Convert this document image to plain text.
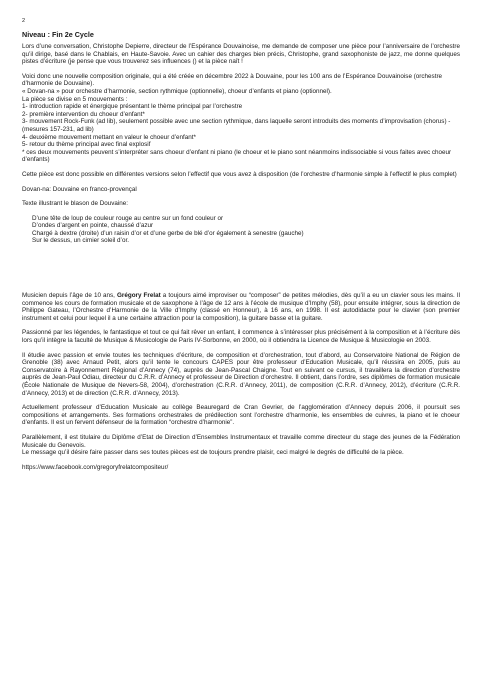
2
Niveau : Fin 2e Cycle

Lors d’une conversation, Christophe Depierre, directeur de l’Espérance Douvainoise, me demande de composer une pièce pour l’anniversaire de l’orchestre qu’il dirige, basé dans le Chablais, en Haute-Savoie. Avec un cahier des charges bien précis, Christophe, grand saxophoniste de jazz, me donne quelques pistes d’écriture (je pense que vous trouverez ses influences () et la pièce naît !

Voici donc une nouvelle composition originale, qui a été créée en décembre 2022 à Douvaine, pour les 100 ans de l’Espérance Douvainoise (orchestre d’harmonie de Douvaine).
« Dovan-na » pour orchestre d’harmonie, section rythmique (optionnelle), choeur d’enfants et piano (optionnel).
La pièce se divise en 5 mouvements :
1- introduction rapide et énergique présentant le thème principal par l’orchestre
2- première intervention du choeur d’enfant*
3- mouvement Rock-Funk (ad lib), seulement possible avec une section rythmique, dans laquelle seront introduits des moments d’improvisation (chorus) - (mesures 157-231, ad lib)
4- deuxième mouvement mettant en valeur le choeur d’enfant*
5- retour du thème principal avec final explosif
* ces deux mouvements peuvent s’interpréter sans choeur d’enfant ni piano (le choeur et le piano sont néanmoins indissociable si vous faites avec choeur d’enfants)

Cette pièce est donc possible en différentes versions selon l’effectif que vous avez à disposition (de l’orchestre d’harmonie simple à l’effectif le plus complet)

Dovan-na: Douvaine en franco-provençal

Texte illustrant le blason de Douvaine:

D’une tête de loup de couleur rouge au centre sur un fond couleur or
D’ondes d’argent en pointe, chaussé d’azur
Chargé à dextre (droite) d’un raisin d’or et d’une gerbe de blé d’or également à senestre (gauche)
Sur le dessus, un cimier soleil d’or.

Musicien depuis l’âge de 10 ans, Grégory Frelat a toujours aimé improviser ou “composer” de petites mélodies, dès qu’il a eu un clavier sous les mains. Il commence les cours de formation musicale et de saxophone à l’âge de 12 ans à l’école de musique d’Imphy (58), pour ensuite intégrer, sous la direction de Philippe Gateau, l’Orchestre d’Harmonie de la Ville d’Imphy (classé en Honneur), à 16 ans, en 1998. Il est autodidacte pour le clavier (son premier instrument et celui pour lequel il a une certaine attraction pour la composition), la guitare basse et la guitare.

Passionné par les légendes, le fantastique et tout ce qui fait rêver un enfant, il commence à s’intéresser plus précisément à la composition et à l’écriture dès lors qu’il intègre la faculté de Musique & Musicologie de Paris IV-Sorbonne, en 2000, où il obtiendra la Licence de Musique & Musicologie en 2003.

Il étudie avec passion et envie toutes les techniques d’écriture, de composition et d’orchestration, tout d’abord, au Conservatoire National de Région de Grenoble (38) avec Arnaud Petit, alors qu’il tente le concours CAPES pour être professeur d’Education Musicale, qu’il réussira en 2005, puis au Conservatoire à Rayonnement Régional d’Annecy (74), auprès de Jean-Pascal Chaigne. Tout en suivant ce cursus, il travaillera la direction d’orchestre auprès de Jean-Paul Odiau, directeur du C.R.R. d’Annecy et professeur de Direction d’orchestre. Il obtient, dans l’ordre, ses diplômes de formation musicale (École Nationale de Musique de Nevers-58, 2004), d’orchestration (C.R.R. d’Annecy, 2011), de composition (C.R.R. d’Annecy, 2012), d’écriture (C.R.R. d’Annecy, 2013) et de direction (C.R.R. d’Annecy, 2013).

Actuellement professeur d’Education Musicale au collège Beauregard de Cran Gevrier, de l’agglomération d’Annecy depuis 2006, il poursuit ses compositions et arrangements. Ses formations orchestrales de prédilection sont l’orchestre d’harmonie, les ensembles de cuivres, la piano et le choeur d’enfants. Il est un fervent défenseur de la formation “orchestre d’harmonie”.

Parallèlement, il est titulaire du Diplôme d’Etat de Direction d’Ensembles Instrumentaux et travaille comme directeur du stage des jeunes de la Fédération Musicale du Genevois.
Le message qu’il désire faire passer dans ses toutes pièces est de toujours prendre plaisir, ceci malgré le degrés de difficulté de la pièce.
https://www.facebook.com/gregoryfrelatcompositeur/
